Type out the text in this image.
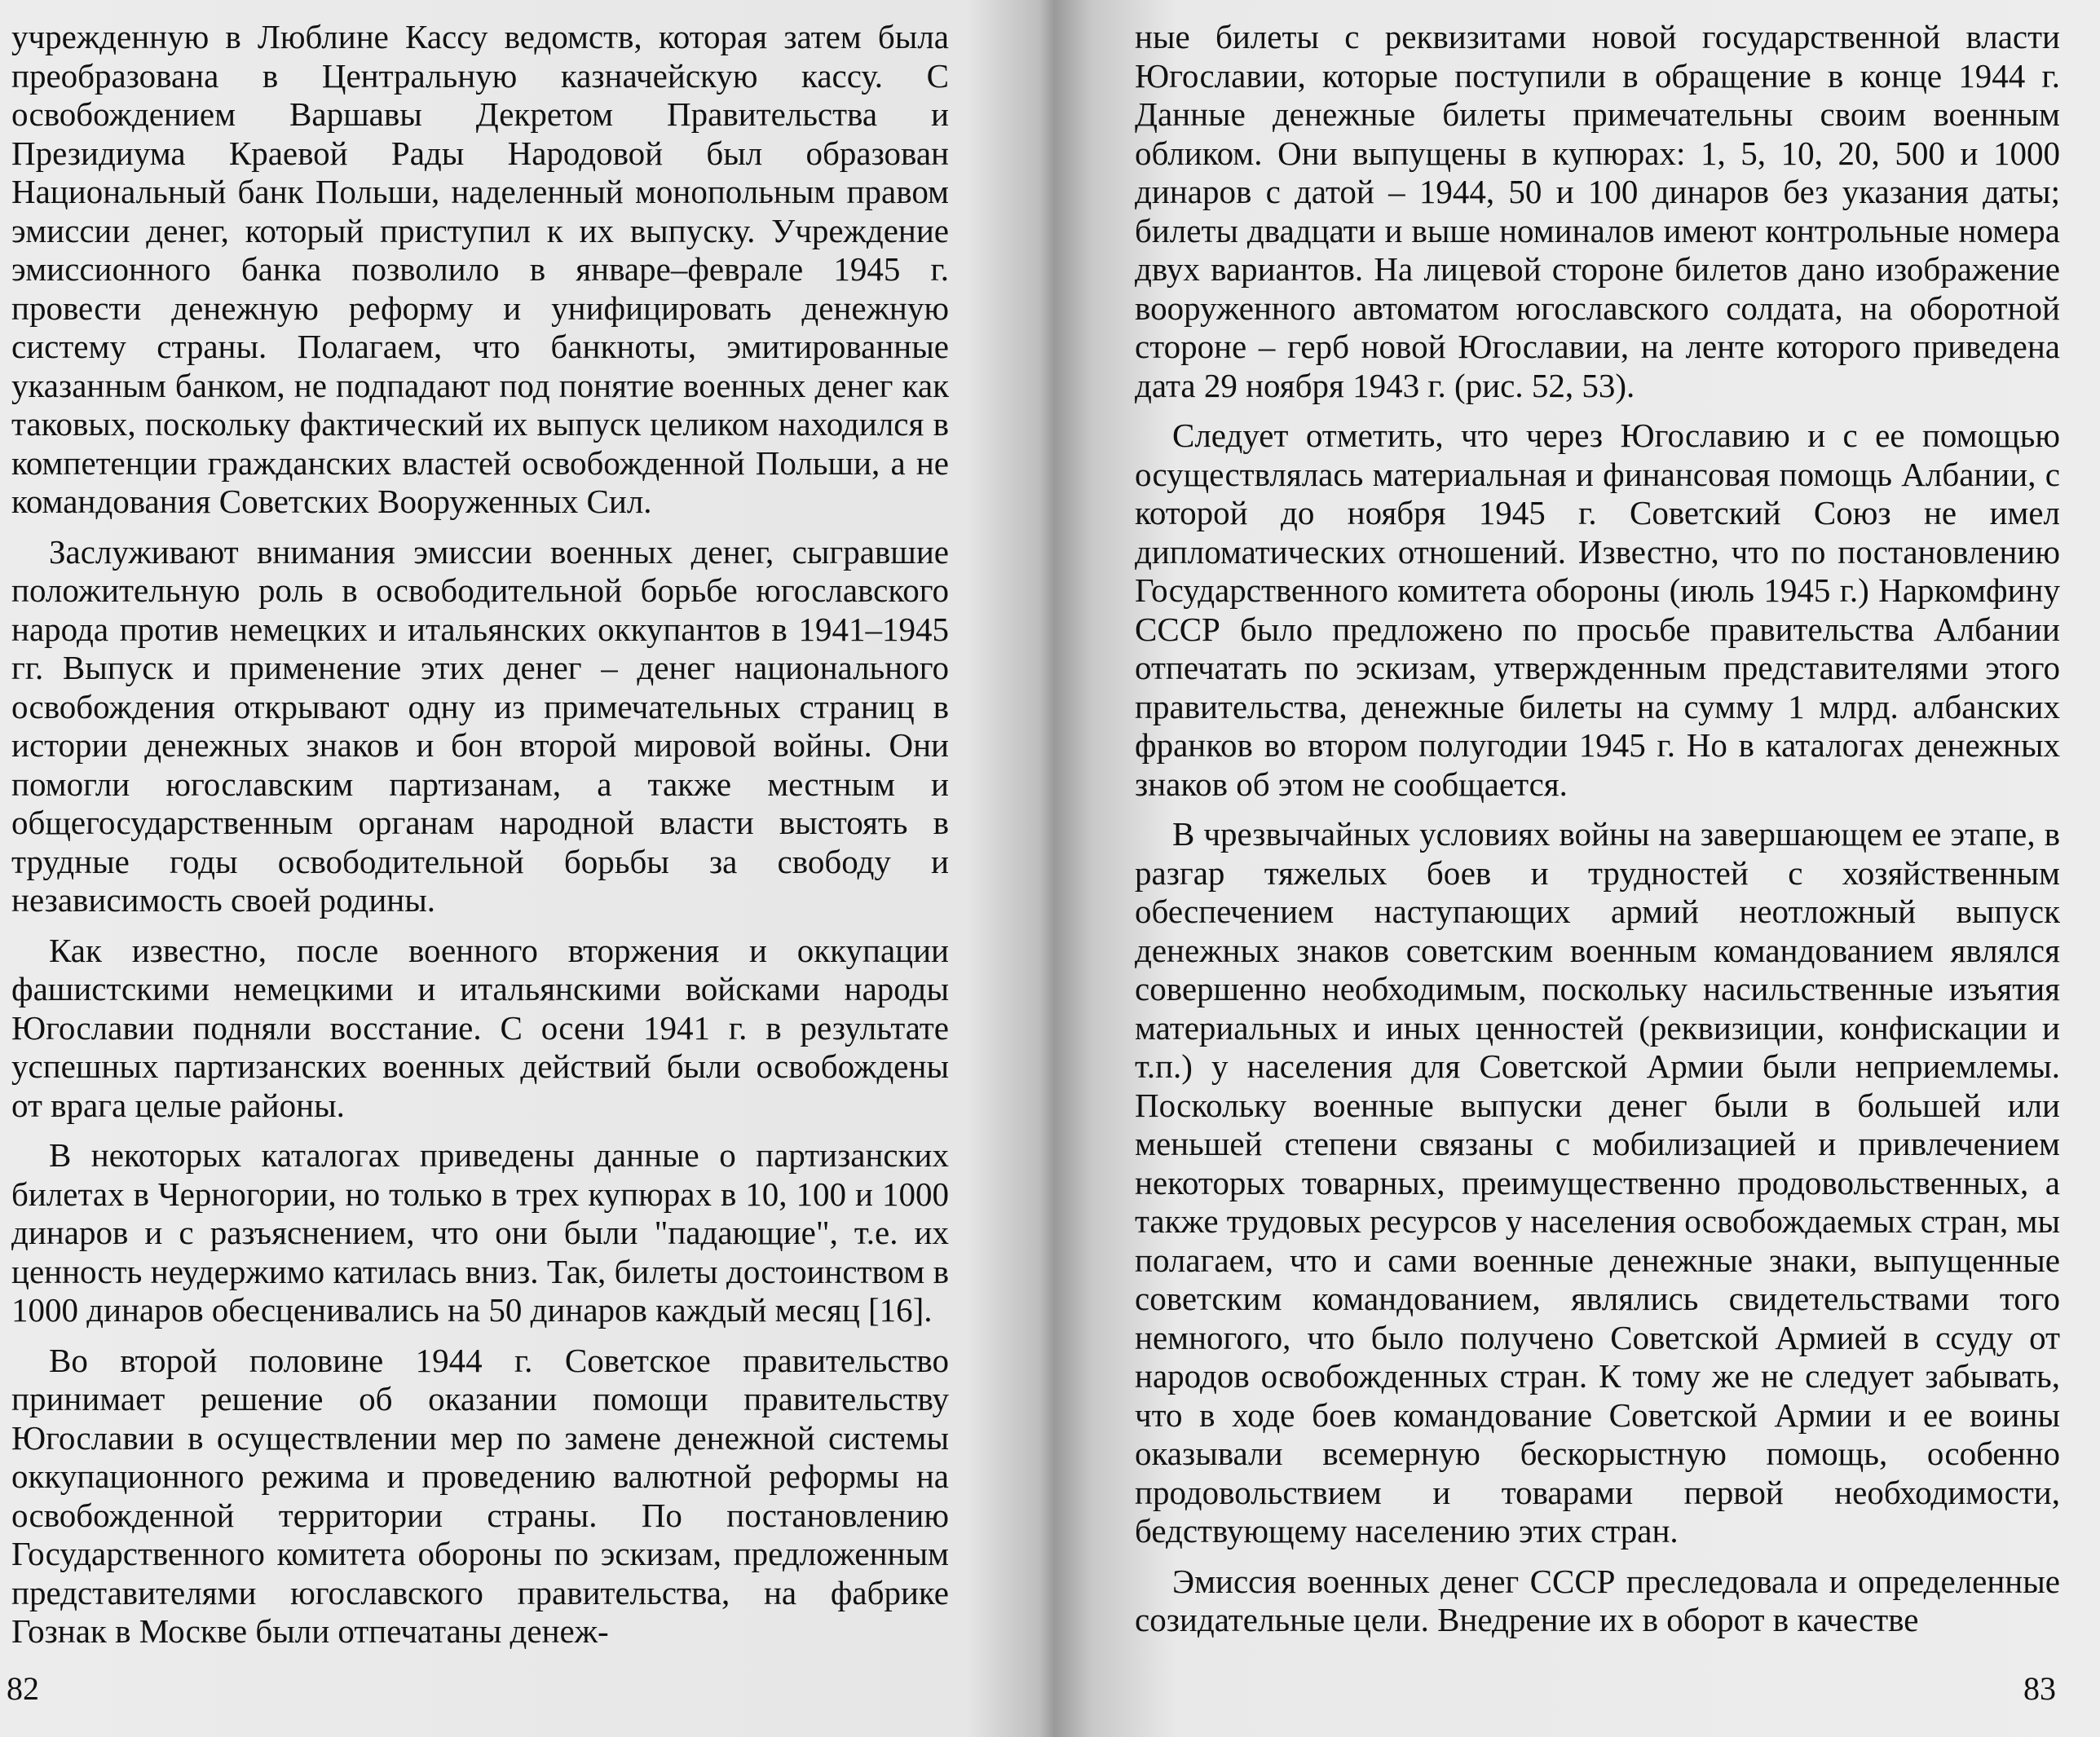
учрежденную в Люблине Кассу ведомств, которая затем была преобразована в Центральную казначейскую кассу. С освобождением Варшавы Декретом Правительства и Президиума Краевой Рады Народовой был образован Национальный банк Польши, наделенный монопольным правом эмиссии денег, который приступил к их выпуску. Учреждение эмиссионного банка позволило в январе–феврале 1945 г. провести денежную реформу и унифицировать денежную систему страны. Полагаем, что банкноты, эмитированные указанным банком, не подпадают под понятие военных денег как таковых, поскольку фактический их выпуск целиком находился в компетенции гражданских властей освобожденной Польши, а не командования Советских Вооруженных Сил.

Заслуживают внимания эмиссии военных денег, сыгравшие положительную роль в освободительной борьбе югославского народа против немецких и итальянских оккупантов в 1941–1945 гг. Выпуск и применение этих денег – денег национального освобождения открывают одну из примечательных страниц в истории денежных знаков и бон второй мировой войны. Они помогли югославским партизанам, а также местным и общегосударственным органам народной власти выстоять в трудные годы освободительной борьбы за свободу и независимость своей родины.

Как известно, после военного вторжения и оккупации фашистскими немецкими и итальянскими войсками народы Югославии подняли восстание. С осени 1941 г. в результате успешных партизанских военных действий были освобождены от врага целые районы.

В некоторых каталогах приведены данные о партизанских билетах в Черногории, но только в трех купюрах в 10, 100 и 1000 динаров и с разъяснением, что они были "падающие", т.е. их ценность неудержимо катилась вниз. Так, билеты достоинством в 1000 динаров обесценивались на 50 динаров каждый месяц [16].

Во второй половине 1944 г. Советское правительство принимает решение об оказании помощи правительству Югославии в осуществлении мер по замене денежной системы оккупационного режима и проведению валютной реформы на освобожденной территории страны. По постановлению Государственного комитета обороны по эскизам, предложенным представителями югославского правительства, на фабрике Гознак в Москве были отпечатаны денеж-

82

ные билеты с реквизитами новой государственной власти Югославии, которые поступили в обращение в конце 1944 г. Данные денежные билеты примечательны своим военным обликом. Они выпущены в купюрах: 1, 5, 10, 20, 500 и 1000 динаров с датой – 1944, 50 и 100 динаров без указания даты; билеты двадцати и выше номиналов имеют контрольные номера двух вариантов. На лицевой стороне билетов дано изображение вооруженного автоматом югославского солдата, на оборотной стороне – герб новой Югославии, на ленте которого приведена дата 29 ноября 1943 г. (рис. 52, 53).

Следует отметить, что через Югославию и с ее помощью осуществлялась материальная и финансовая помощь Албании, с которой до ноября 1945 г. Советский Союз не имел дипломатических отношений. Известно, что по постановлению Государственного комитета обороны (июль 1945 г.) Наркомфину СССР было предложено по просьбе правительства Албании отпечатать по эскизам, утвержденным представителями этого правительства, денежные билеты на сумму 1 млрд. албанских франков во втором полугодии 1945 г. Но в каталогах денежных знаков об этом не сообщается.

В чрезвычайных условиях войны на завершающем ее этапе, в разгар тяжелых боев и трудностей с хозяйственным обеспечением наступающих армий неотложный выпуск денежных знаков советским военным командованием являлся совершенно необходимым, поскольку насильственные изъятия материальных и иных ценностей (реквизиции, конфискации и т.п.) у населения для Советской Армии были неприемлемы. Поскольку военные выпуски денег были в большей или меньшей степени связаны с мобилизацией и привлечением некоторых товарных, преимущественно продовольственных, а также трудовых ресурсов у населения освобождаемых стран, мы полагаем, что и сами военные денежные знаки, выпущенные советским командованием, являлись свидетельствами того немногого, что было получено Советской Армией в ссуду от народов освобожденных стран. К тому же не следует забывать, что в ходе боев командование Советской Армии и ее воины оказывали всемерную бескорыстную помощь, особенно продовольствием и товарами первой необходимости, бедствующему населению этих стран.

Эмиссия военных денег СССР преследовала и определенные созидательные цели. Внедрение их в оборот в качестве

83
